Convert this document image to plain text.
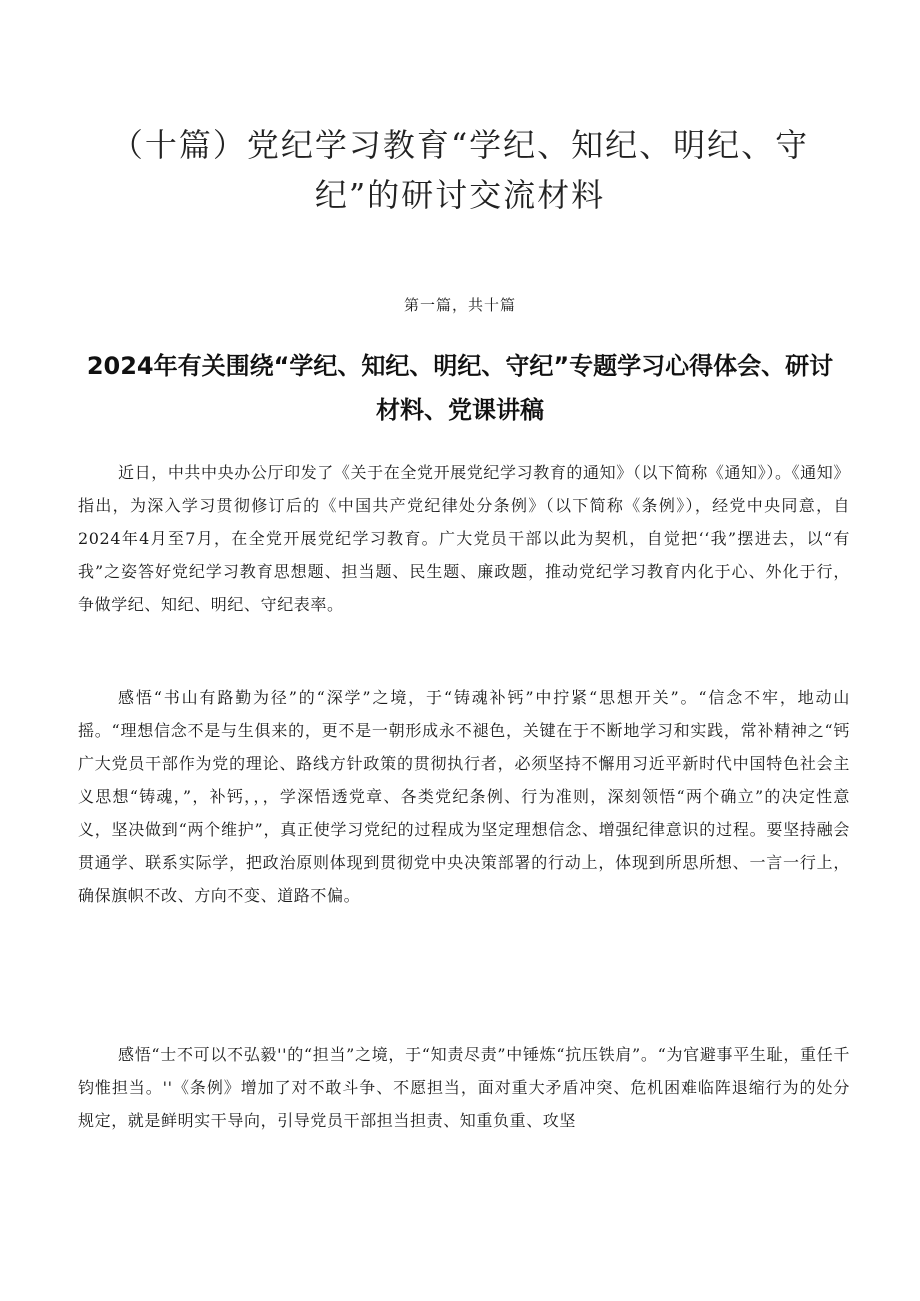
（十篇）党纪学习教育“学纪、知纪、明纪、守纪”的研讨交流材料

第一篇，共十篇

2024年有关围绕“学纪、知纪、明纪、守纪”专题学习心得体会、研讨材料、党课讲稿

近日，中共中央办公厅印发了《关于在全党开展党纪学习教育的通知》（以下简称《通知》）。《通知》指出，为深入学习贯彻修订后的《中国共产党纪律处分条例》（以下简称《条例》），经党中央同意，自2024年4月至7月，在全党开展党纪学习教育。广大党员干部以此为契机，自觉把‘‘我”摆进去，以“有我”之姿答好党纪学习教育思想题、担当题、民生题、廉政题，推动党纪学习教育内化于心、外化于行，争做学纪、知纪、明纪、守纪表率。

感悟“书山有路勤为径”的“深学”之境，于“铸魂补钙”中拧紧“思想开关”。“信念不牢，地动山摇。“理想信念不是与生俱来的，更不是一朝形成永不褪色，关键在于不断地学习和实践，常补精神之“钙广大党员干部作为党的理论、路线方针政策的贯彻执行者，必须坚持不懈用习近平新时代中国特色社会主义思想“铸魂，”，补钙，，，学深悟透党章、各类党纪条例、行为准则，深刻领悟“两个确立”的决定性意义，坚决做到“两个维护”，真正使学习党纪的过程成为坚定理想信念、增强纪律意识的过程。要坚持融会贯通学、联系实际学，把政治原则体现到贯彻党中央决策部署的行动上，体现到所思所想、一言一行上，确保旗帜不改、方向不变、道路不偏。

感悟“士不可以不弘毅''的“担当”之境，于“知责尽责”中锤炼“抗压铁肩”。“为官避事平生耻，重任千钧惟担当。''《条例》增加了对不敢斗争、不愿担当，面对重大矛盾冲突、危机困难临阵退缩行为的处分规定，就是鲜明实干导向，引导党员干部担当担责、知重负重、攻坚
